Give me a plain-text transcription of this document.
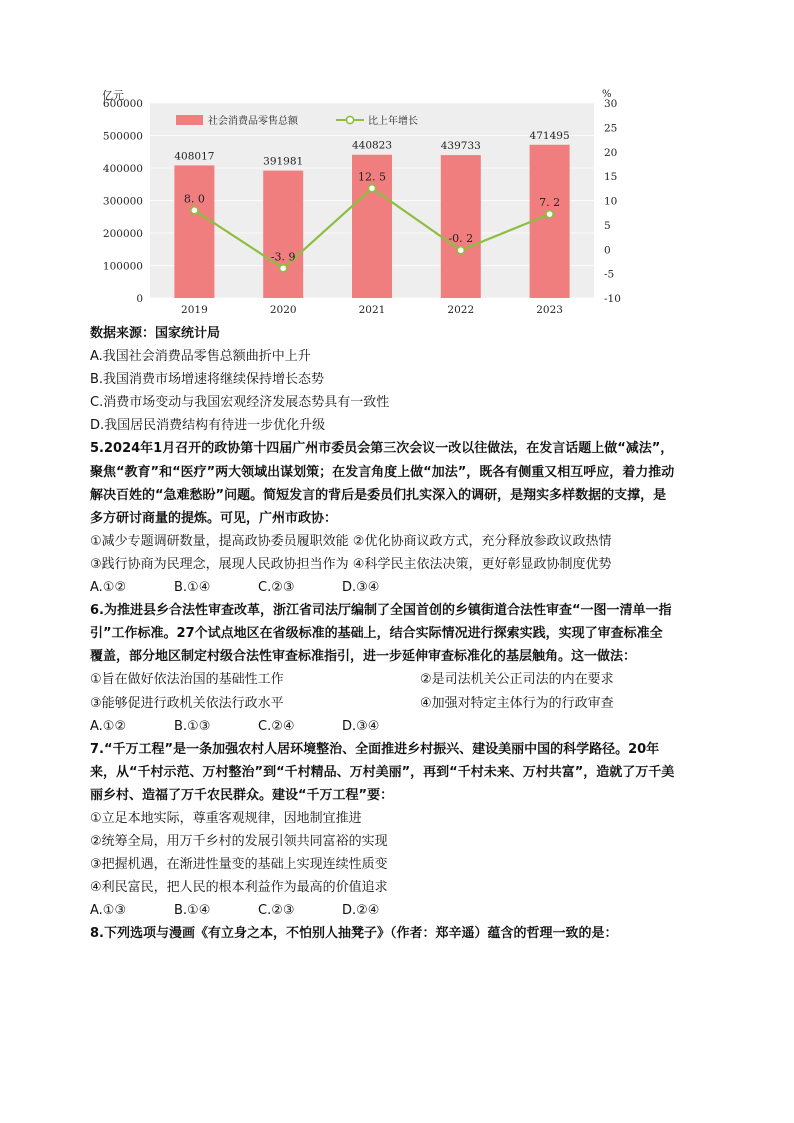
亿元	%
0
100000
200000
300000
400000
500000
600000
-10
-5
0
5
10
15
20
25
30
408017	391981
440823	439733
471495
8. 0
-3. 9
12. 5
-0. 2
7. 2
2019	2020	2021	2022	2023
社会消费品零售总额	比上年增长
数据来源：国家统计局
A.我国社会消费品零售总额曲折中上升
B.我国消费市场增速将继续保持增长态势
C.消费市场变动与我国宏观经济发展态势具有一致性
D.我国居民消费结构有待进一步优化升级
5.2024年1月召开的政协第十四届广州市委员会第三次会议一改以往做法，在发言话题上做“减法”，
聚焦“教育”和“医疗”两大领域出谋划策；在发言角度上做“加法”，既各有侧重又相互呼应，着力推动
解决百姓的“急难愁盼”问题。简短发言的背后是委员们扎实深入的调研，是翔实多样数据的支撑，是
多方研讨商量的提炼。可见，广州市政协：
①减少专题调研数量，提高政协委员履职效能 ②优化协商议政方式，充分释放参政议政热情
③践行协商为民理念，展现人民政协担当作为 ④科学民主依法决策，更好彰显政协制度优势
A.①②	B.①④	C.②③	D.③④
6.为推进县乡合法性审查改革，浙江省司法厅编制了全国首创的乡镇街道合法性审查“一图一清单一指
引”工作标准。27个试点地区在省级标准的基础上，结合实际情况进行探索实践，实现了审查标准全
覆盖，部分地区制定村级合法性审查标准指引，进一步延伸审查标准化的基层触角。这一做法：
①旨在做好依法治国的基础性工作	②是司法机关公正司法的内在要求
③能够促进行政机关依法行政水平	④加强对特定主体行为的行政审查
A.①②	B.①③	C.②④	D.③④
7.“千万工程”是一条加强农村人居环境整治、全面推进乡村振兴、建设美丽中国的科学路径。20年
来，从“千村示范、万村整治”到“千村精品、万村美丽”，再到“千村未来、万村共富”，造就了万千美
丽乡村、造福了万千农民群众。建设“千万工程”要：
①立足本地实际，尊重客观规律，因地制宜推进
②统筹全局，用万千乡村的发展引领共同富裕的实现
③把握机遇，在渐进性量变的基础上实现连续性质变
④利民富民，把人民的根本利益作为最高的价值追求
A.①③	B.①④	C.②③	D.②④
8.下列选项与漫画《有立身之本，不怕别人抽凳子》（作者：郑辛遥）蕴含的哲理一致的是：
